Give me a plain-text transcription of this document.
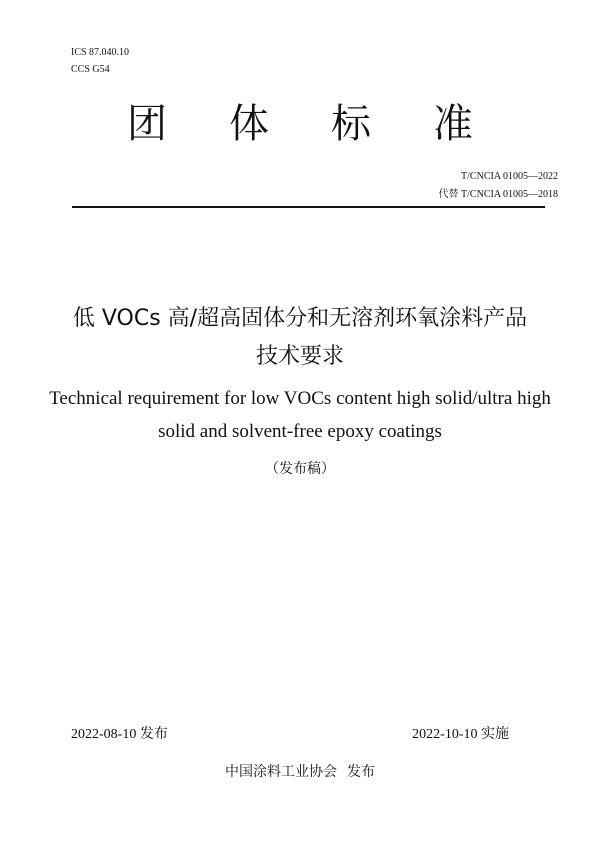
ICS 87.040.10
CCS G54
团体标准
T/CNCIA 01005—2022
代替 T/CNCIA 01005—2018
低 VOCs 高/超高固体分和无溶剂环氧涂料产品
技术要求
Technical requirement for low VOCs content high solid/ultra high
solid and solvent-free epoxy coatings
（发布稿）
2022-08-10 发布	2022-10-10 实施
中国涂料工业协会 发布
